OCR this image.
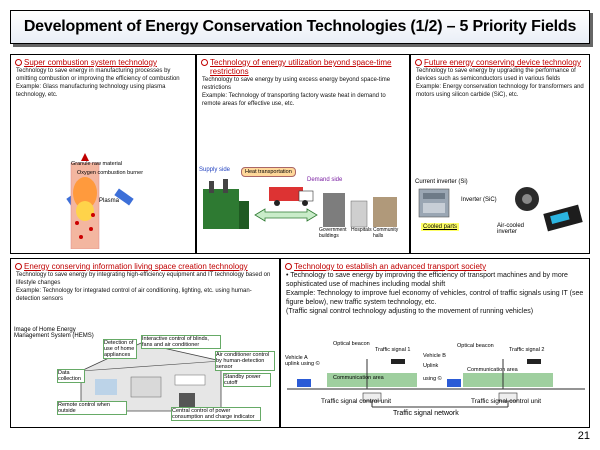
Development of Energy Conservation Technologies (1/2) – 5 Priority Fields
Super combustion system technology
Technology to save energy in manufacturing processes by omitting combustion or improving the efficiency of combustion
Example: Glass manufacturing technology using plasma technology, etc.
Granule raw material
Oxygen combustion burner
Plasma
Technology of energy utilization beyond space-time restrictions
Technology to save energy by using excess energy beyond space-time restrictions
Example: Technology of transporting factory waste heat in demand to remote areas for effective use, etc.
Supply side	Heat transportation
Demand side
Government buildings
Hospitals Community halls
Future energy conserving device technology
Technology to save energy by upgrading the performance of devices such as semiconductors used in various fields
Example: Energy conservation technology for transformers and motors using silicon carbide (SiC), etc.
Current inverter (Si)
Inverter (SiC)
Cooled parts	Air-cooled inverter
Energy conserving information living space creation technology
Technology to save energy by integrating high-efficiency equipment and IT technology based on lifestyle changes
Example: Technology for integrated control of air conditioning, lighting, etc. using human-detection sensors
Image of Home Energy Management System (HEMS)
Detection of use of home appliances
Interactive control of blinds, fans and air conditioner
Data collection
Air conditioner control by human-detection sensor
Standby power cutoff
Remote control when outside	Central control of power consumption and charge indicator
Technology to establish an advanced transport society
• Technology to save energy by improving the efficiency of transport machines and by more sophisticated use of machines including modal shift
Example: Technology to improve fuel economy of vehicles, control of traffic signals using IT (see figure below), new traffic system technology, etc.
(Traffic signal control technology adjusting to the movement of running vehicles)
Optical beacon
Traffic signal 1
Optical beacon
Traffic signal 2
Vehicle A uplink using ©
Vehicle B
Uplink
using ©
Communication area
Communication area
Traffic signal control unit	Traffic signal control unit
Traffic signal network
21
